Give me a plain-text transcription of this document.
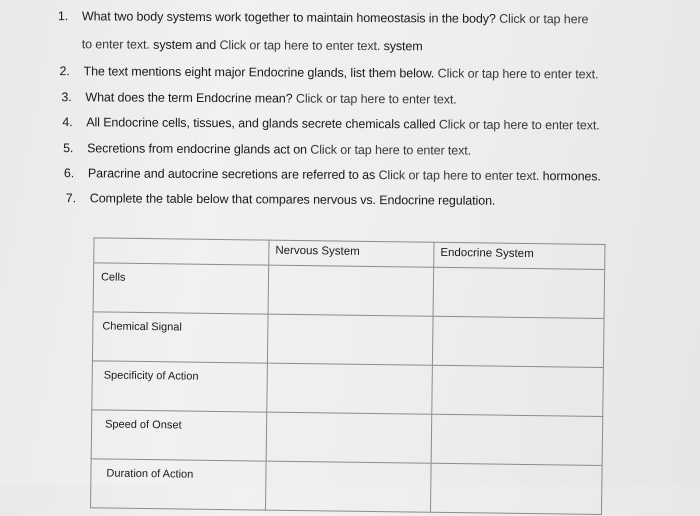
1. What two body systems work together to maintain homeostasis in the body? Click or tap here
to enter text. system and Click or tap here to enter text. system
2. The text mentions eight major Endocrine glands, list them below. Click or tap here to enter text.
3. What does the term Endocrine mean? Click or tap here to enter text.
4. All Endocrine cells, tissues, and glands secrete chemicals called Click or tap here to enter text.
5. Secretions from endocrine glands act on Click or tap here to enter text.
6. Paracrine and autocrine secretions are referred to as Click or tap here to enter text. hormones.
7. Complete the table below that compares nervous vs. Endocrine regulation.
	Nervous System	Endocrine System
Cells		
Chemical Signal		
Specificity of Action		
Speed of Onset		
Duration of Action		
